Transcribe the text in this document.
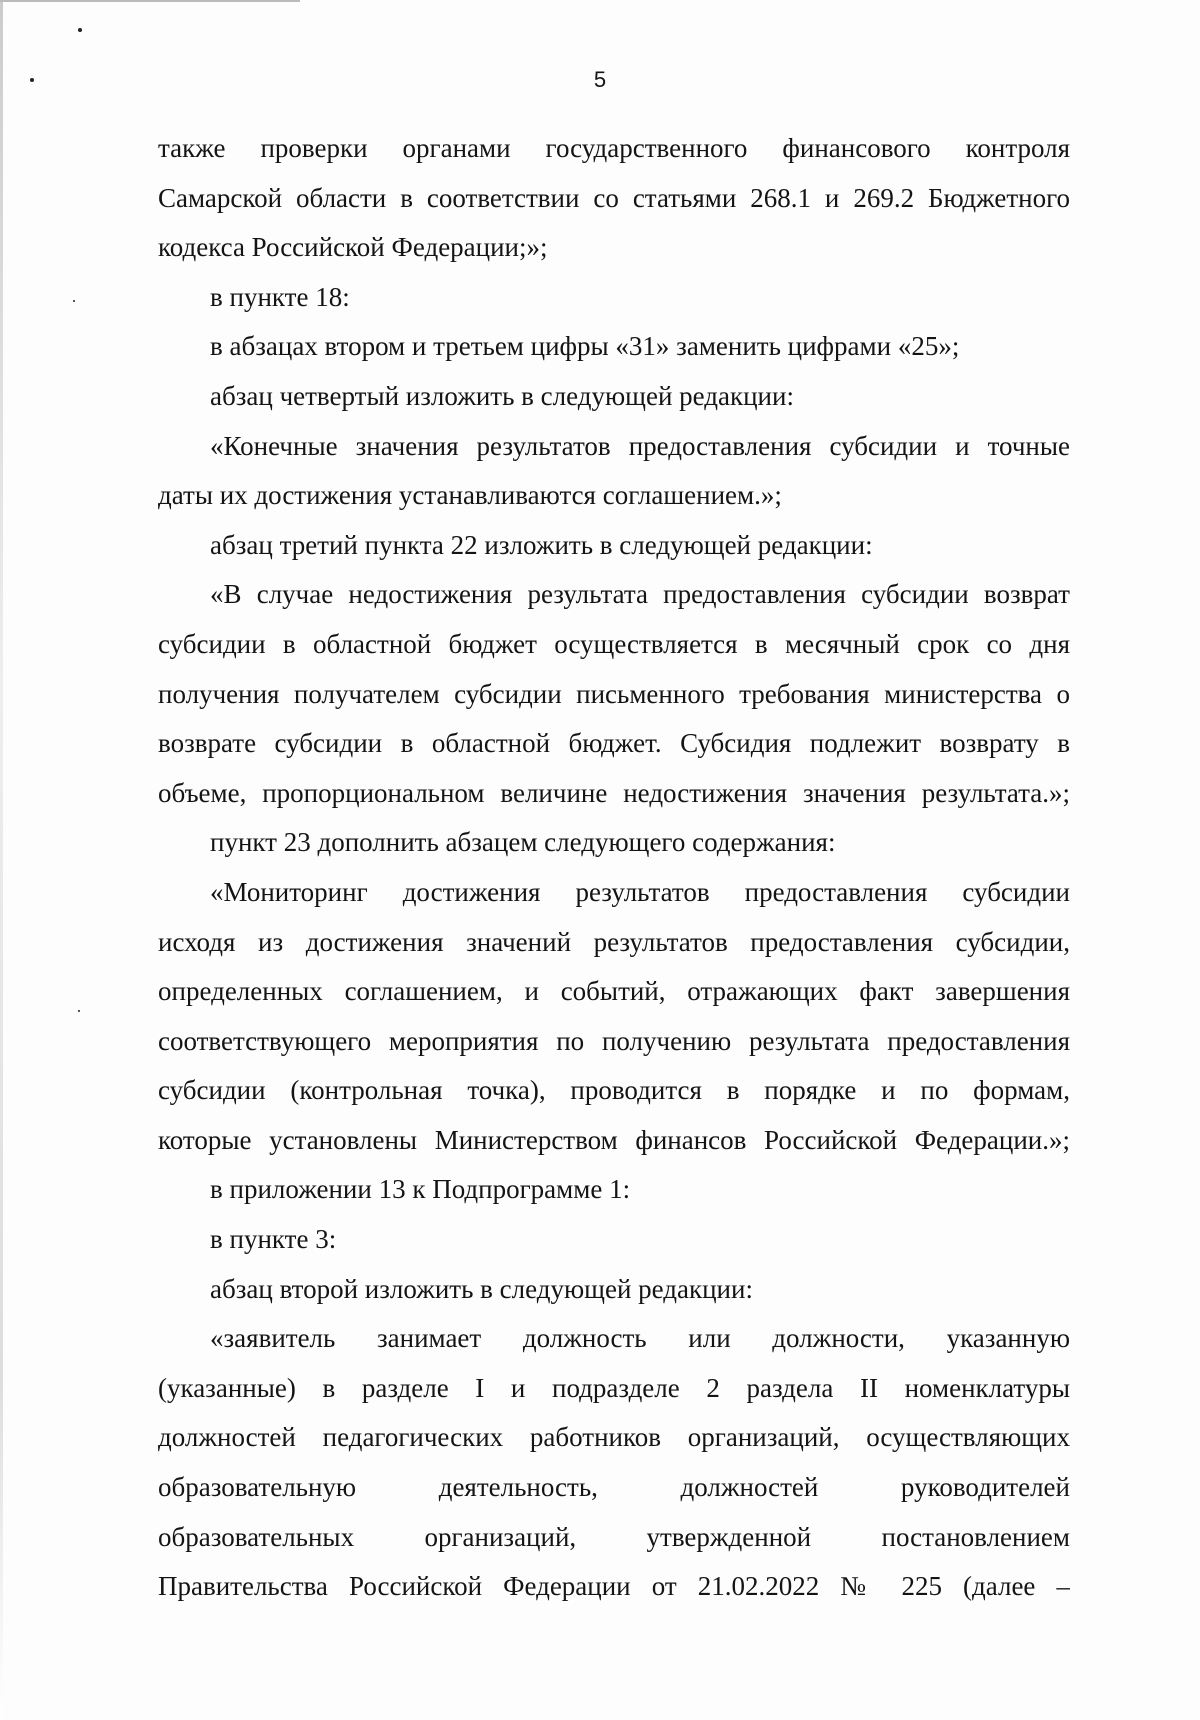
5
также проверки органами государственного финансового контроля
Самарской области в соответствии со статьями 268.1 и 269.2 Бюджетного
кодекса Российской Федерации;»;
в пункте 18:
в абзацах втором и третьем цифры «31» заменить цифрами «25»;
абзац четвертый изложить в следующей редакции:
«Конечные значения результатов предоставления субсидии и точные
даты их достижения устанавливаются соглашением.»;
абзац третий пункта 22 изложить в следующей редакции:
«В случае недостижения результата предоставления субсидии возврат
субсидии в областной бюджет осуществляется в месячный срок со дня
получения получателем субсидии письменного требования министерства о
возврате субсидии в областной бюджет. Субсидия подлежит возврату в
объеме, пропорциональном величине недостижения значения результата.»;
пункт 23 дополнить абзацем следующего содержания:
«Мониторинг достижения результатов предоставления субсидии
исходя из достижения значений результатов предоставления субсидии,
определенных соглашением, и событий, отражающих факт завершения
соответствующего мероприятия по получению результата предоставления
субсидии (контрольная точка), проводится в порядке и по формам,
которые установлены Министерством финансов Российской Федерации.»;
в приложении 13 к Подпрограмме 1:
в пункте 3:
абзац второй изложить в следующей редакции:
«заявитель занимает должность или должности, указанную
(указанные) в разделе I и подразделе 2 раздела II номенклатуры
должностей педагогических работников организаций, осуществляющих
образовательную деятельность, должностей руководителей
образовательных организаций, утвержденной постановлением
Правительства Российской Федерации от 21.02.2022 № 225 (далее –
